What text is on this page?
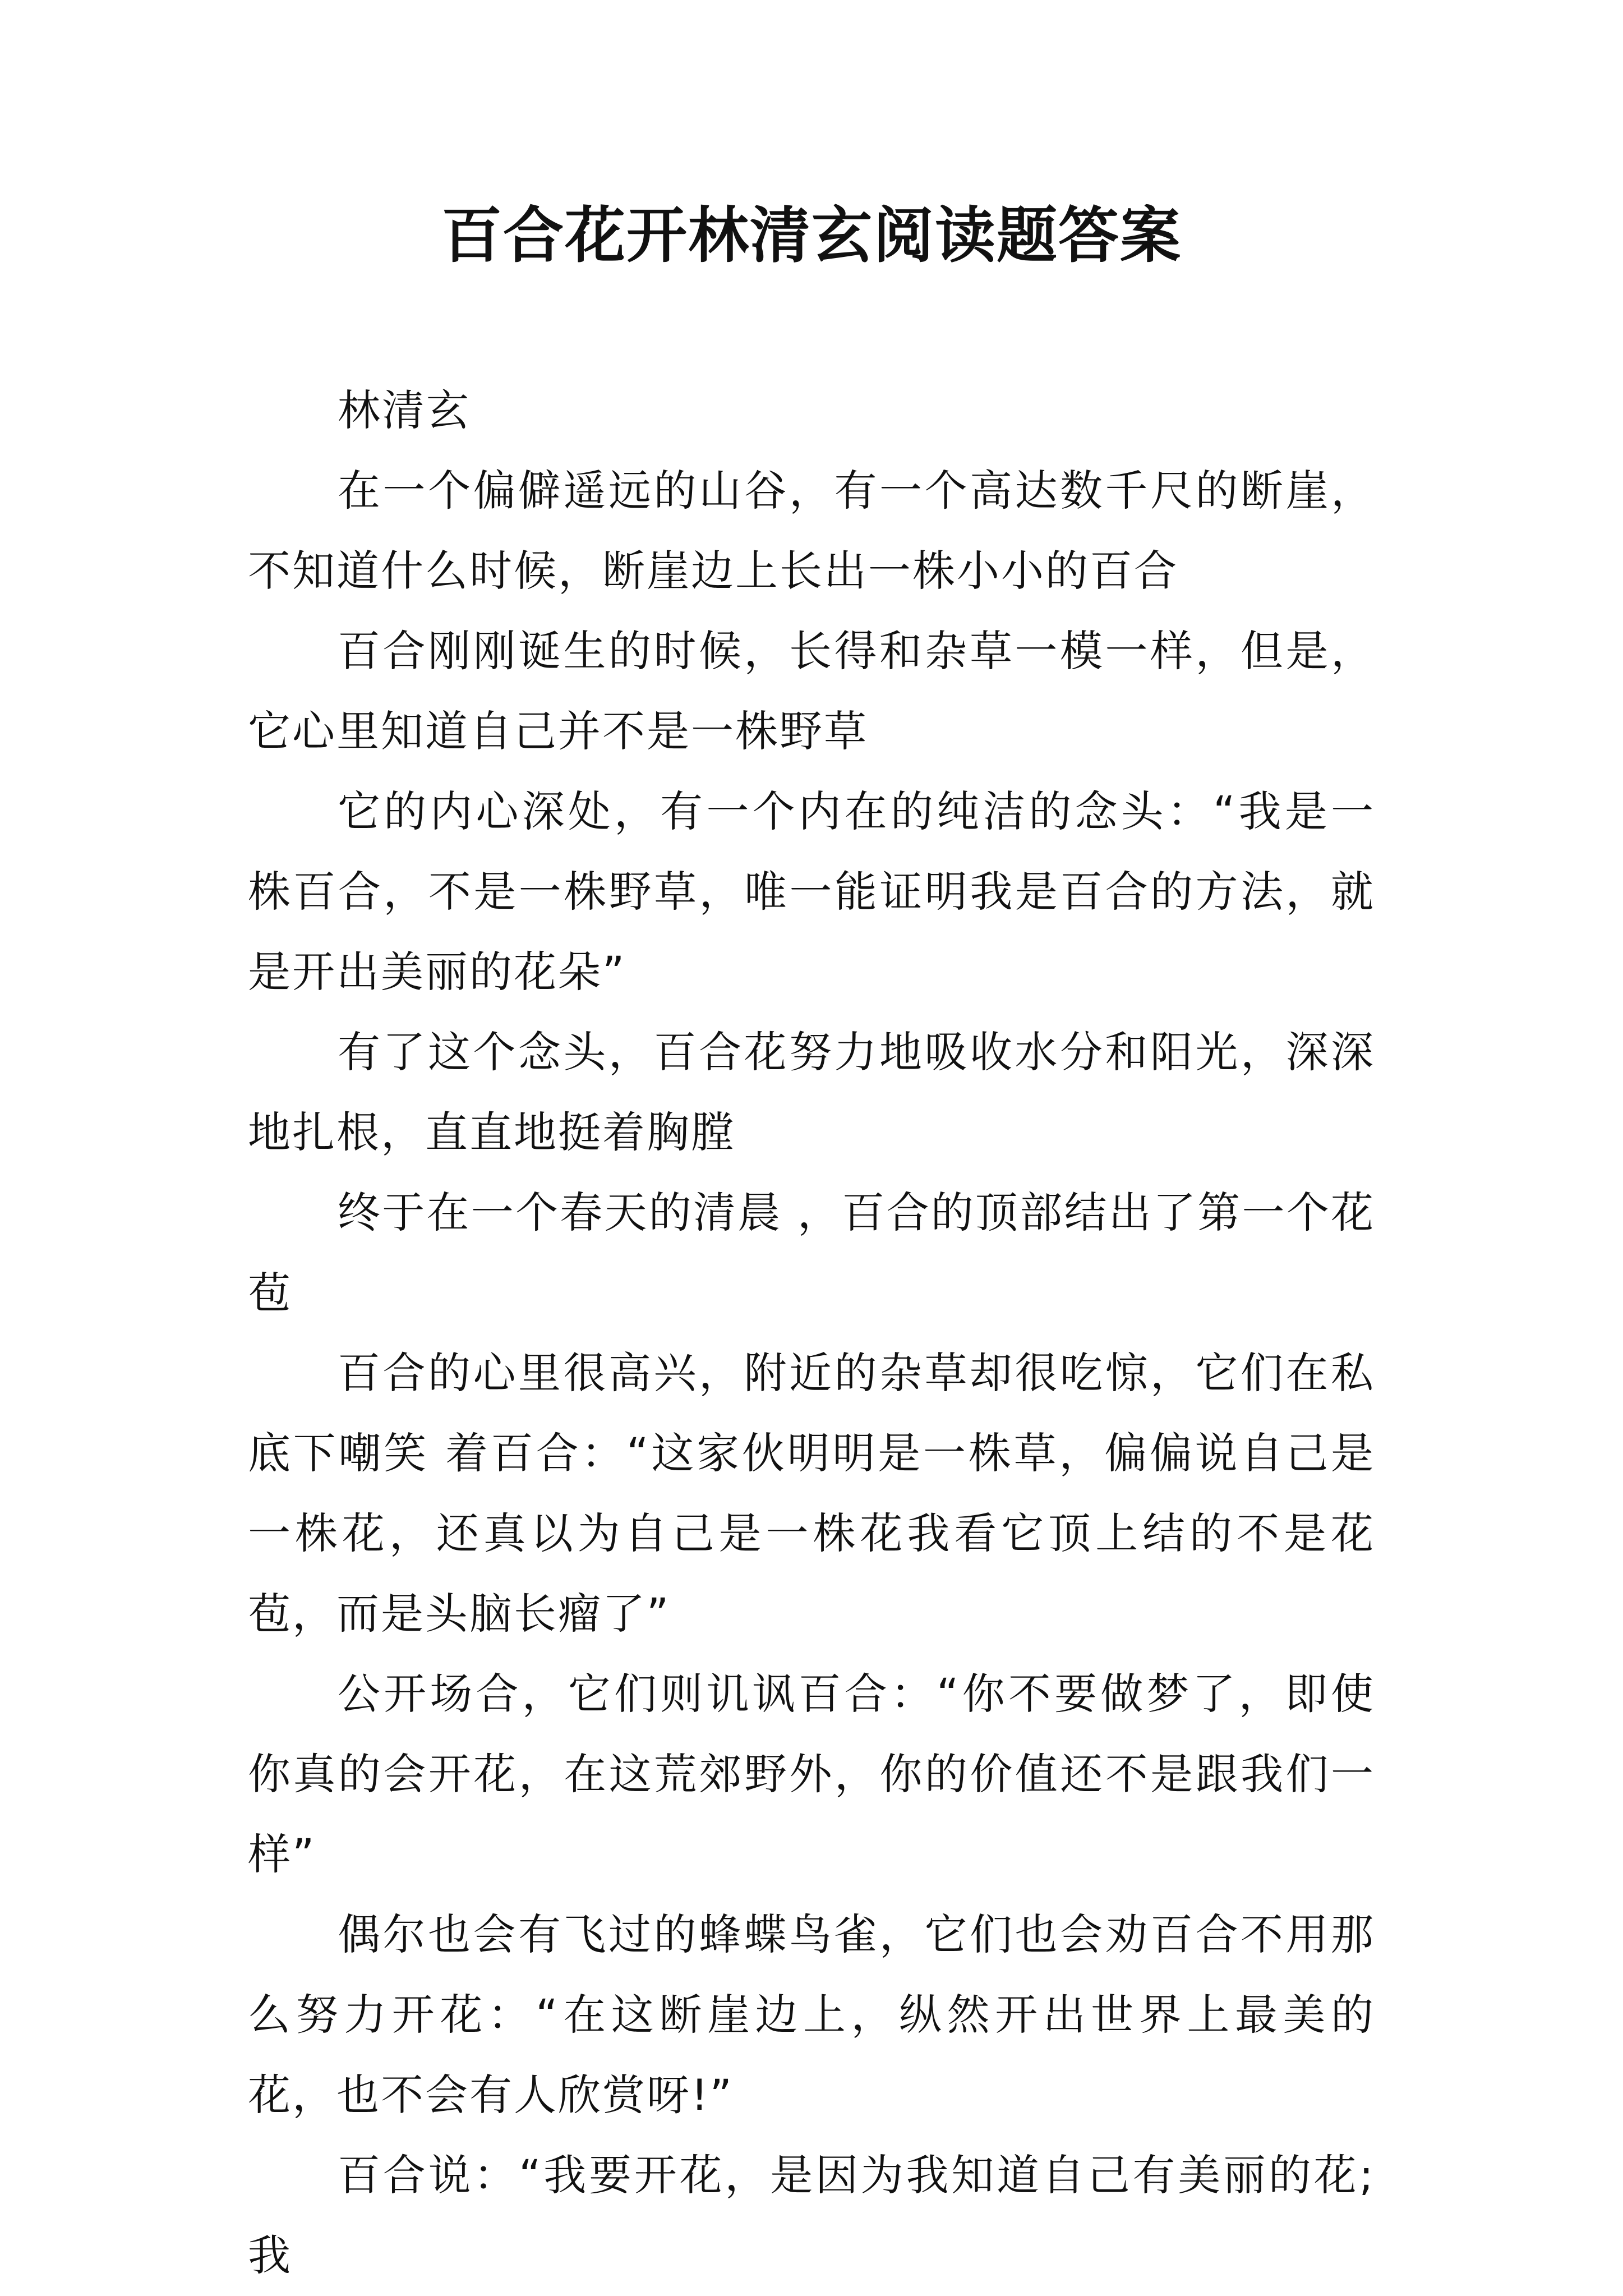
百合花开林清玄阅读题答案

林清玄

在一个偏僻遥远的山谷，有一个高达数千尺的断崖，不知道什么时候，断崖边上长出一株小小的百合

百合刚刚诞生的时候，长得和杂草一模一样，但是，它心里知道自己并不是一株野草

它的内心深处，有一个内在的纯洁的念头：“我是一株百合，不是一株野草，唯一能证明我是百合的方法，就是开出美丽的花朵”

有了这个念头，百合花努力地吸收水分和阳光，深深地扎根，直直地挺着胸膛

终于在一个春天的清晨 ，百合的顶部结出了第一个花苞

百合的心里很高兴，附近的杂草却很吃惊，它们在私底下嘲笑 着百合：“这家伙明明是一株草，偏偏说自己是一株花，还真以为自己是一株花我看它顶上结的不是花苞，而是头脑长瘤了”

公开场合，它们则讥讽百合：“你不要做梦了，即使你真的会开花，在这荒郊野外，你的价值还不是跟我们一样”

偶尔也会有飞过的蜂蝶鸟雀，它们也会劝百合不用那么努力开花：“在这断崖边上，纵然开出世界上最美的花，也不会有人欣赏呀!”

百合说：“我要开花，是因为我知道自己有美丽的花;我
